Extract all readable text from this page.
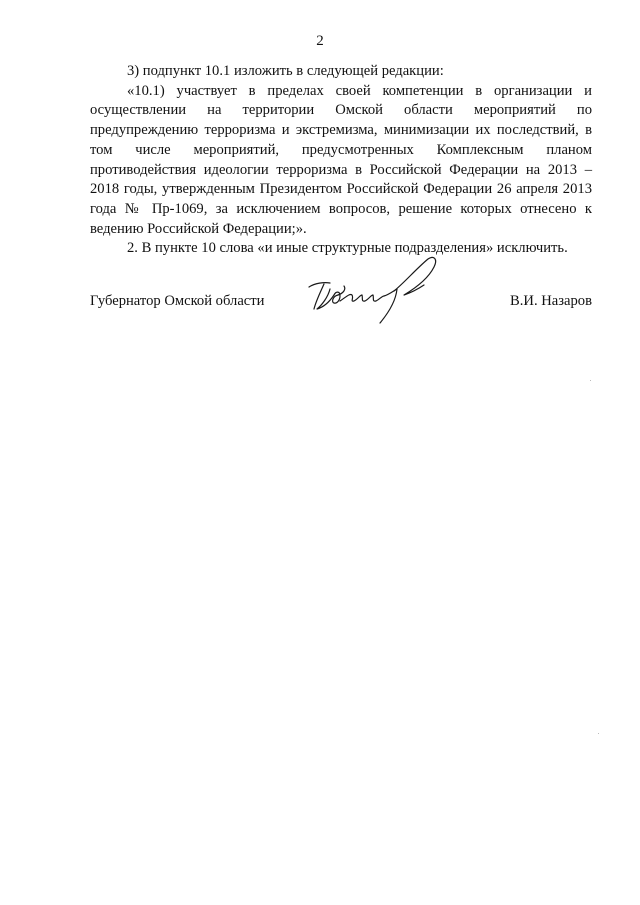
2

3) подпункт 10.1 изложить в следующей редакции:

«10.1) участвует в пределах своей компетенции в организации и осуществлении на территории Омской области мероприятий по предупреждению терроризма и экстремизма, минимизации их последствий, в том числе мероприятий, предусмотренных Комплексным планом противодействия идеологии терроризма в Российской Федерации на 2013 – 2018 годы, утвержденным Президентом Российской Федерации 26 апреля 2013 года № Пр-1069, за исключением вопросов, решение которых отнесено к ведению Российской Федерации;».

2. В пункте 10 слова «и иные структурные подразделения» исключить.

Губернатор Омской области	В.И. Назаров
